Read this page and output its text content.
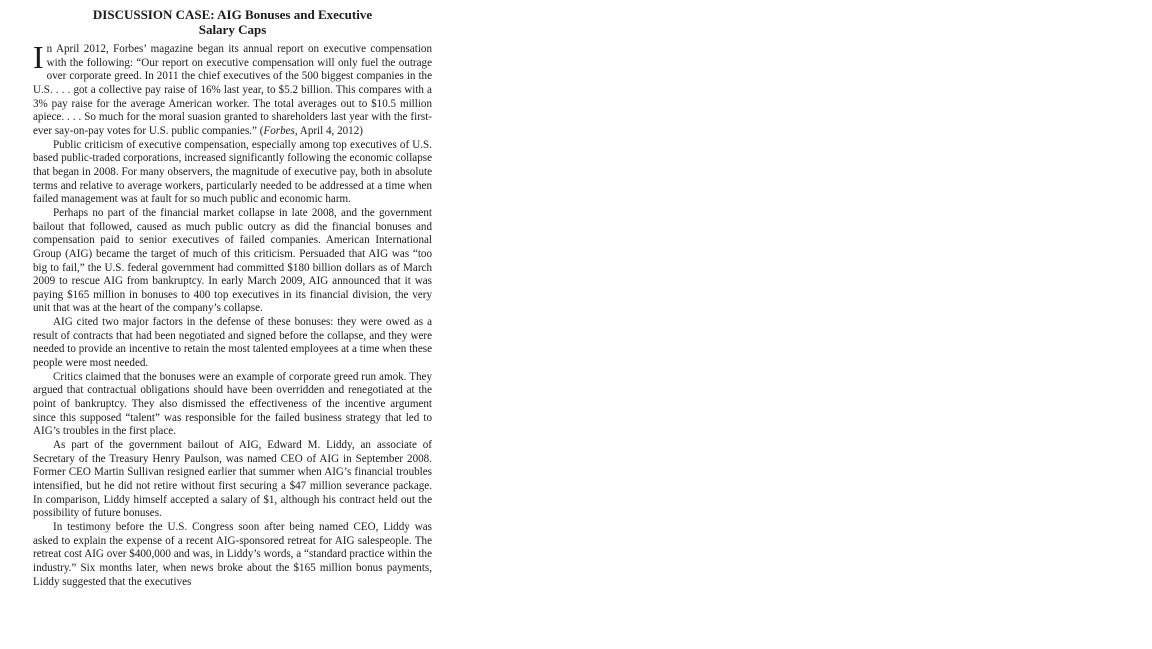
DISCUSSION CASE: AIG Bonuses and Executive
Salary Caps

In April 2012, Forbes’ magazine began its annual report on executive compensation with the following: “Our report on executive compensation will only fuel the outrage over corporate greed. In 2011 the chief executives of the 500 biggest companies in the U.S. . . . got a collective pay raise of 16% last year, to $5.2 billion. This compares with a 3% pay raise for the average American worker. The total averages out to $10.5 million apiece. . . . So much for the moral suasion granted to shareholders last year with the first-ever say-on-pay votes for U.S. public companies.” (Forbes, April 4, 2012)

Public criticism of executive compensation, especially among top executives of U.S. based public-traded corporations, increased significantly following the economic collapse that began in 2008. For many observers, the magnitude of executive pay, both in absolute terms and relative to average workers, particularly needed to be addressed at a time when failed management was at fault for so much public and economic harm.

Perhaps no part of the financial market collapse in late 2008, and the government bailout that followed, caused as much public outcry as did the financial bonuses and compensation paid to senior executives of failed companies. American International Group (AIG) became the target of much of this criticism. Persuaded that AIG was “too big to fail,” the U.S. federal government had committed $180 billion dollars as of March 2009 to rescue AIG from bankruptcy. In early March 2009, AIG announced that it was paying $165 million in bonuses to 400 top executives in its financial division, the very unit that was at the heart of the company’s collapse.

AIG cited two major factors in the defense of these bonuses: they were owed as a result of contracts that had been negotiated and signed before the collapse, and they were needed to provide an incentive to retain the most talented employees at a time when these people were most needed.

Critics claimed that the bonuses were an example of corporate greed run amok. They argued that contractual obligations should have been overridden and renegotiated at the point of bankruptcy. They also dismissed the effectiveness of the incentive argument since this supposed “talent” was responsible for the failed business strategy that led to AIG’s troubles in the first place.

As part of the government bailout of AIG, Edward M. Liddy, an associate of Secretary of the Treasury Henry Paulson, was named CEO of AIG in September 2008. Former CEO Martin Sullivan resigned earlier that summer when AIG’s financial troubles intensified, but he did not retire without first securing a $47 million severance package. In comparison, Liddy himself accepted a salary of $1, although his contract held out the possibility of future bonuses.

In testimony before the U.S. Congress soon after being named CEO, Liddy was asked to explain the expense of a recent AIG-sponsored retreat for AIG salespeople. The retreat cost AIG over $400,000 and was, in Liddy’s words, a “standard practice within the industry.” Six months later, when news broke about the $165 million bonus payments, Liddy suggested that the executives
